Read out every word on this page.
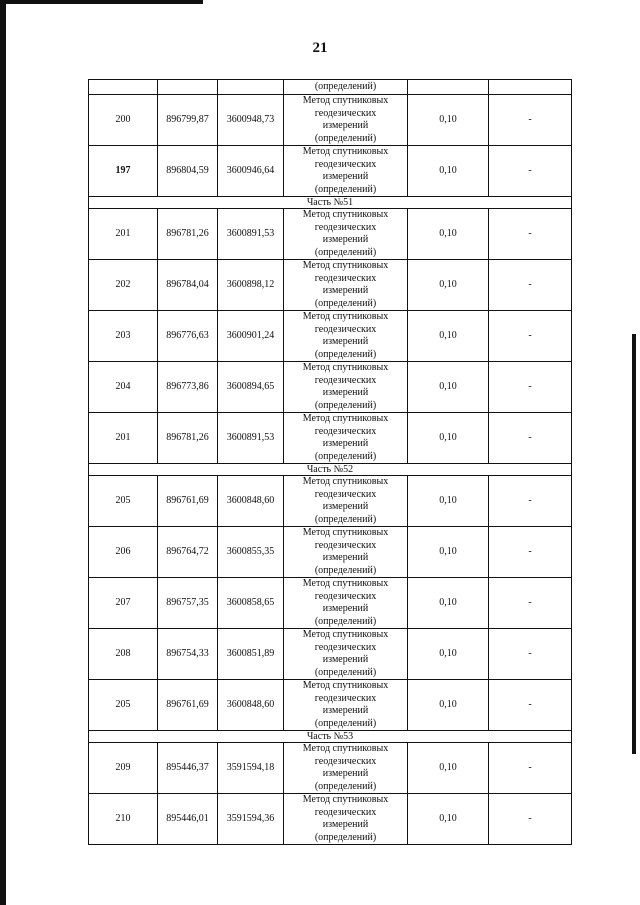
21
			(определений)		
200	896799,87	3600948,73	Метод спутниковых
геодезических
измерений
(определений)	0,10	-
197	896804,59	3600946,64	Метод спутниковых
геодезических
измерений
(определений)	0,10	-
Часть №51					
201	896781,26	3600891,53	Метод спутниковых
геодезических
измерений
(определений)	0,10	-
202	896784,04	3600898,12	Метод спутниковых
геодезических
измерений
(определений)	0,10	-
203	896776,63	3600901,24	Метод спутниковых
геодезических
измерений
(определений)	0,10	-
204	896773,86	3600894,65	Метод спутниковых
геодезических
измерений
(определений)	0,10	-
201	896781,26	3600891,53	Метод спутниковых
геодезических
измерений
(определений)	0,10	-
Часть №52					
205	896761,69	3600848,60	Метод спутниковых
геодезических
измерений
(определений)	0,10	-
206	896764,72	3600855,35	Метод спутниковых
геодезических
измерений
(определений)	0,10	-
207	896757,35	3600858,65	Метод спутниковых
геодезических
измерений
(определений)	0,10	-
208	896754,33	3600851,89	Метод спутниковых
геодезических
измерений
(определений)	0,10	-
205	896761,69	3600848,60	Метод спутниковых
геодезических
измерений
(определений)	0,10	-
Часть №53					
209	895446,37	3591594,18	Метод спутниковых
геодезических
измерений
(определений)	0,10	-
210	895446,01	3591594,36	Метод спутниковых
геодезических
измерений
(определений)	0,10	-
